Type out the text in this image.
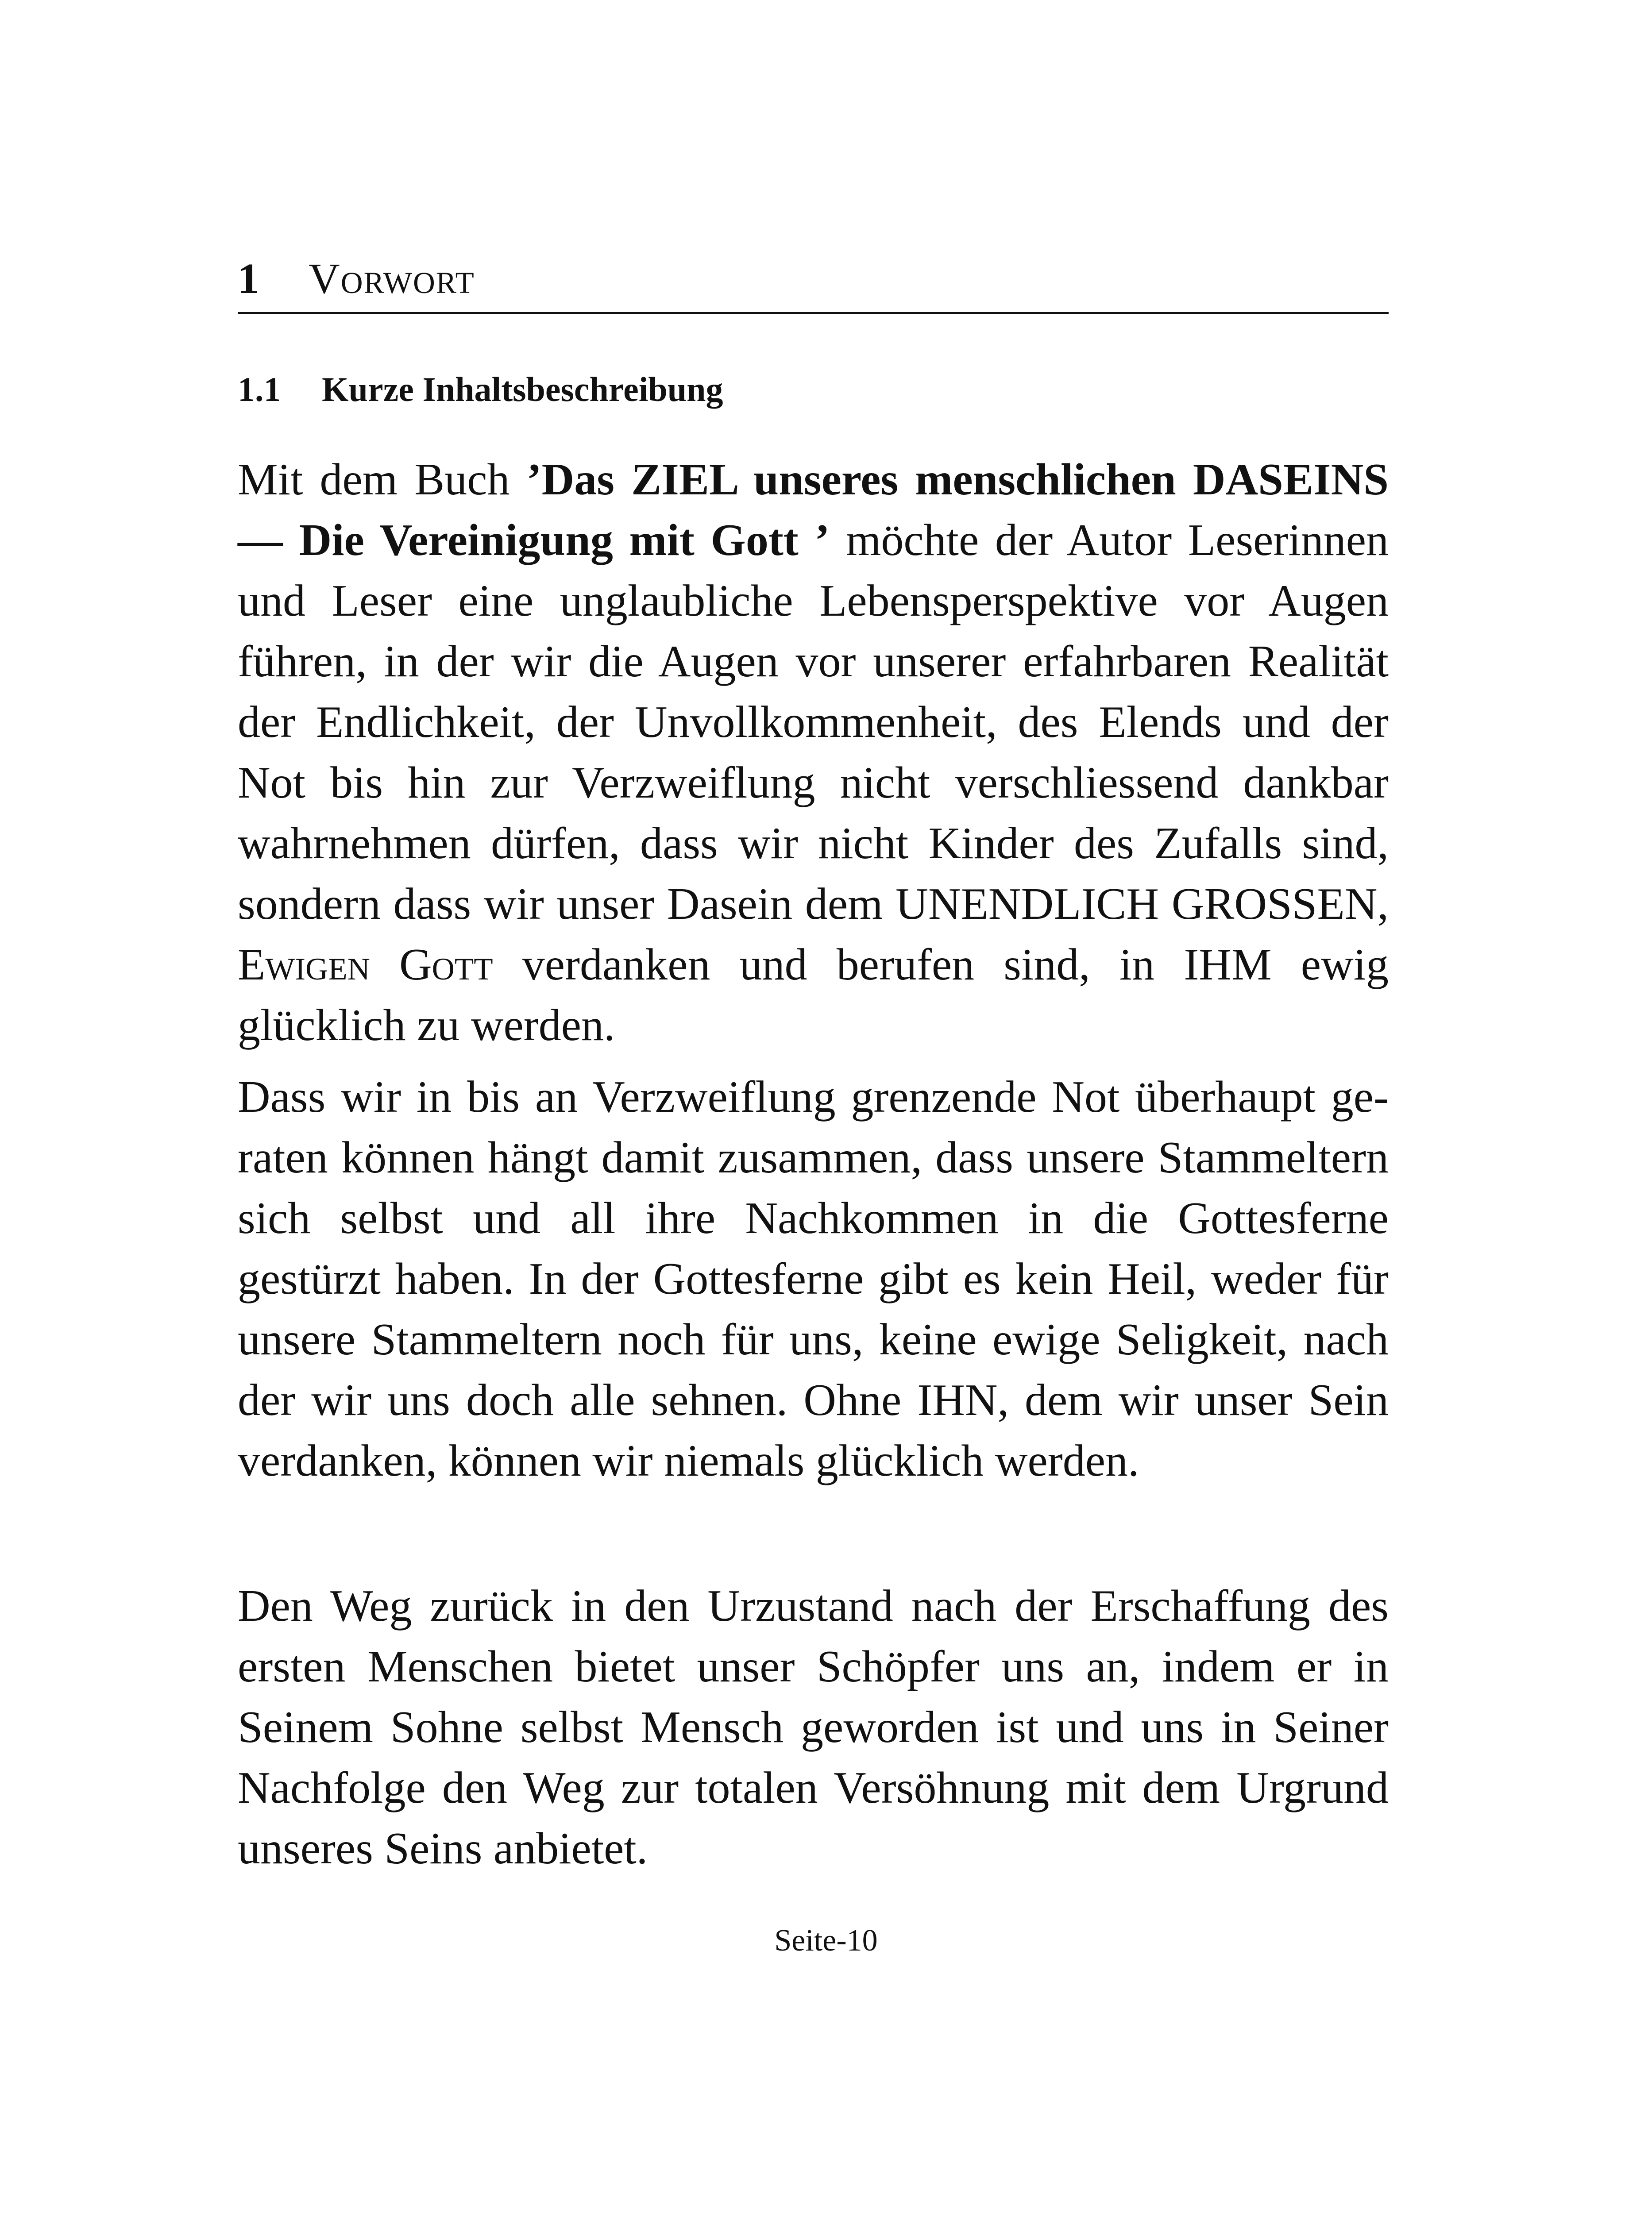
1 Vorwort
1.1 Kurze Inhaltsbeschreibung

Mit dem Buch ’Das ZIEL unseres menschlichen DASEINS — Die Vereinigung mit Gott ’ möchte der Autor Leserinnen und Leser eine unglaubliche Lebensperspektive vor Augen führen, in der wir die Augen vor unserer erfahrbaren Realität der Endlichkeit, der Unvollkommenheit, des Elends und der Not bis hin zur Verzweiflung nicht verschliessend dankbar wahrnehmen dürfen, dass wir nicht Kinder des Zufalls sind, sondern dass wir unser Dasein dem UNENDLICH GROSSEN, Ewigen Gott verdanken und berufen sind, in IHM ewig glücklich zu werden.

Dass wir in bis an Verzweiflung grenzende Not überhaupt geraten können hängt damit zusammen, dass unsere Stammeltern sich selbst und all ihre Nachkommen in die Gottesferne gestürzt haben. In der Gottesferne gibt es kein Heil, weder für unsere Stammeltern noch für uns, keine ewige Seligkeit, nach der wir uns doch alle sehnen. Ohne IHN, dem wir unser Sein verdanken, können wir niemals glücklich werden.

Den Weg zurück in den Urzustand nach der Erschaffung des ersten Menschen bietet unser Schöpfer uns an, indem er in Seinem Sohne selbst Mensch geworden ist und uns in Seiner Nachfolge den Weg zur totalen Versöhnung mit dem Urgrund unseres Seins anbietet.

Seite-10
